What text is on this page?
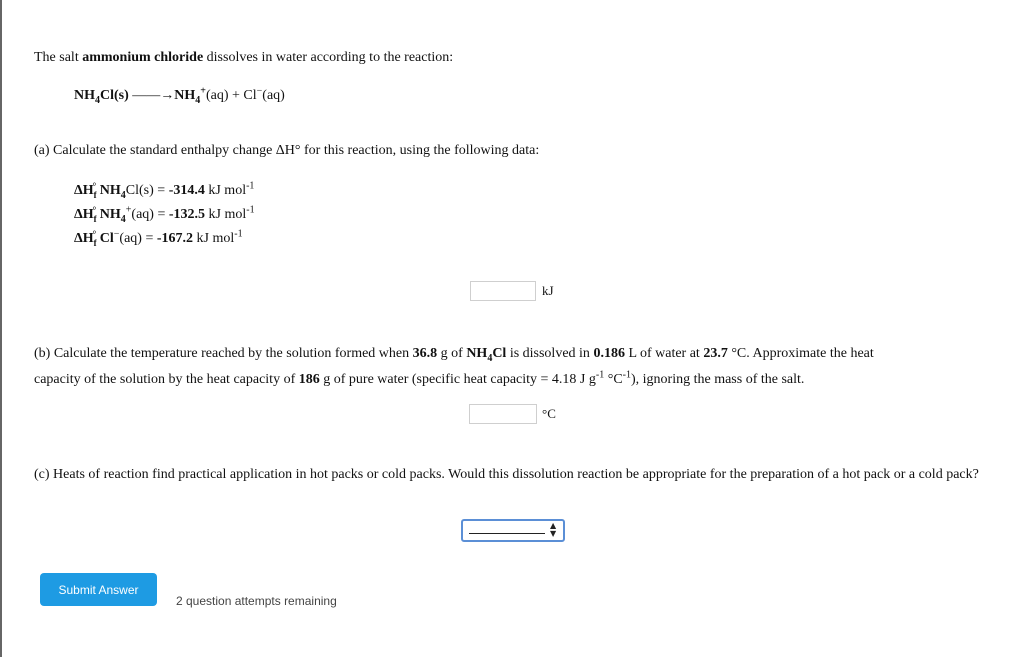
The salt ammonium chloride dissolves in water according to the reaction:
$NH_4Cl(s)$ $——\to NH_4^+(aq) + Cl^-(aq)$
(a) Calculate the standard enthalpy change ΔH° for this reaction, using the following data:
$\Delta H_f^\circ$ $NH_4Cl(s) = -314.4$ kJ mol$^{-1}$
$\Delta H_f^\circ$ $NH_4^+(aq) = -132.5$ kJ mol$^{-1}$
$\Delta H_f^\circ$ Cl−(aq) = -167.2 kJ mol$^{-1}$
kJ
(b) Calculate the temperature reached by the solution formed when 36.8 g of $NH_4Cl$ is dissolved in 0.186 L of water at 23.7 °C. Approximate the heat
capacity of the solution by the heat capacity of 186 g of pure water (specific heat capacity = 4.18 J $g^{-1}$ $^\circ C^{-1}$), ignoring the mass of the salt.
°C
(c) Heats of reaction find practical application in hot packs or cold packs. Would this dissolution reaction be appropriate for the preparation of a hot pack or a cold pack?
▲
▼
Submit Answer
2 question attempts remaining
